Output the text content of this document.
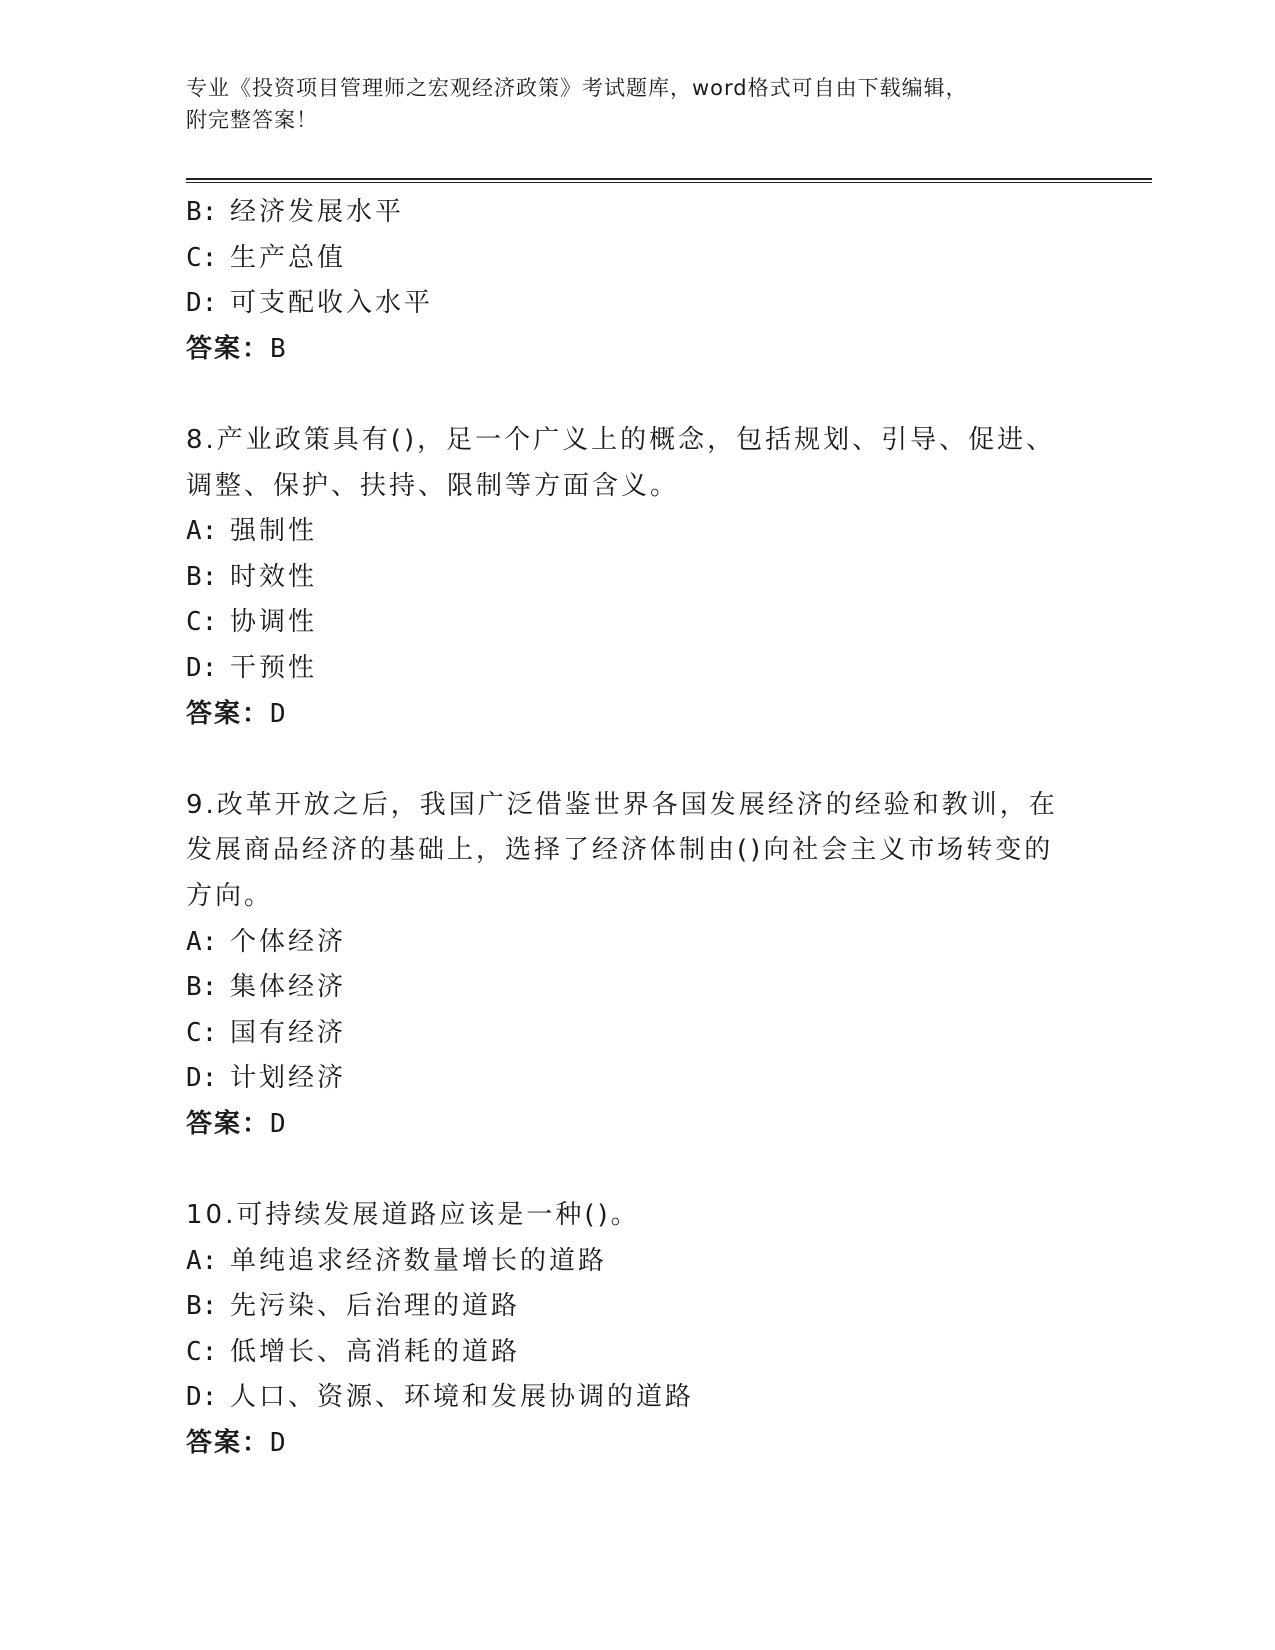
专业《投资项目管理师之宏观经济政策》考试题库，word格式可自由下载编辑，
附完整答案！
B: 经济发展水平
C: 生产总值
D: 可支配收入水平
答案：B
8.产业政策具有()，足一个广义上的概念，包括规划、引导、促进、
调整、保护、扶持、限制等方面含义。
A: 强制性
B: 时效性
C: 协调性
D: 干预性
答案：D
9.改革开放之后，我国广泛借鉴世界各国发展经济的经验和教训，在
发展商品经济的基础上，选择了经济体制由()向社会主义市场转变的
方向。
A: 个体经济
B: 集体经济
C: 国有经济
D: 计划经济
答案：D
10.可持续发展道路应该是一种()。
A: 单纯追求经济数量增长的道路
B: 先污染、后治理的道路
C: 低增长、高消耗的道路
D: 人口、资源、环境和发展协调的道路
答案：D
